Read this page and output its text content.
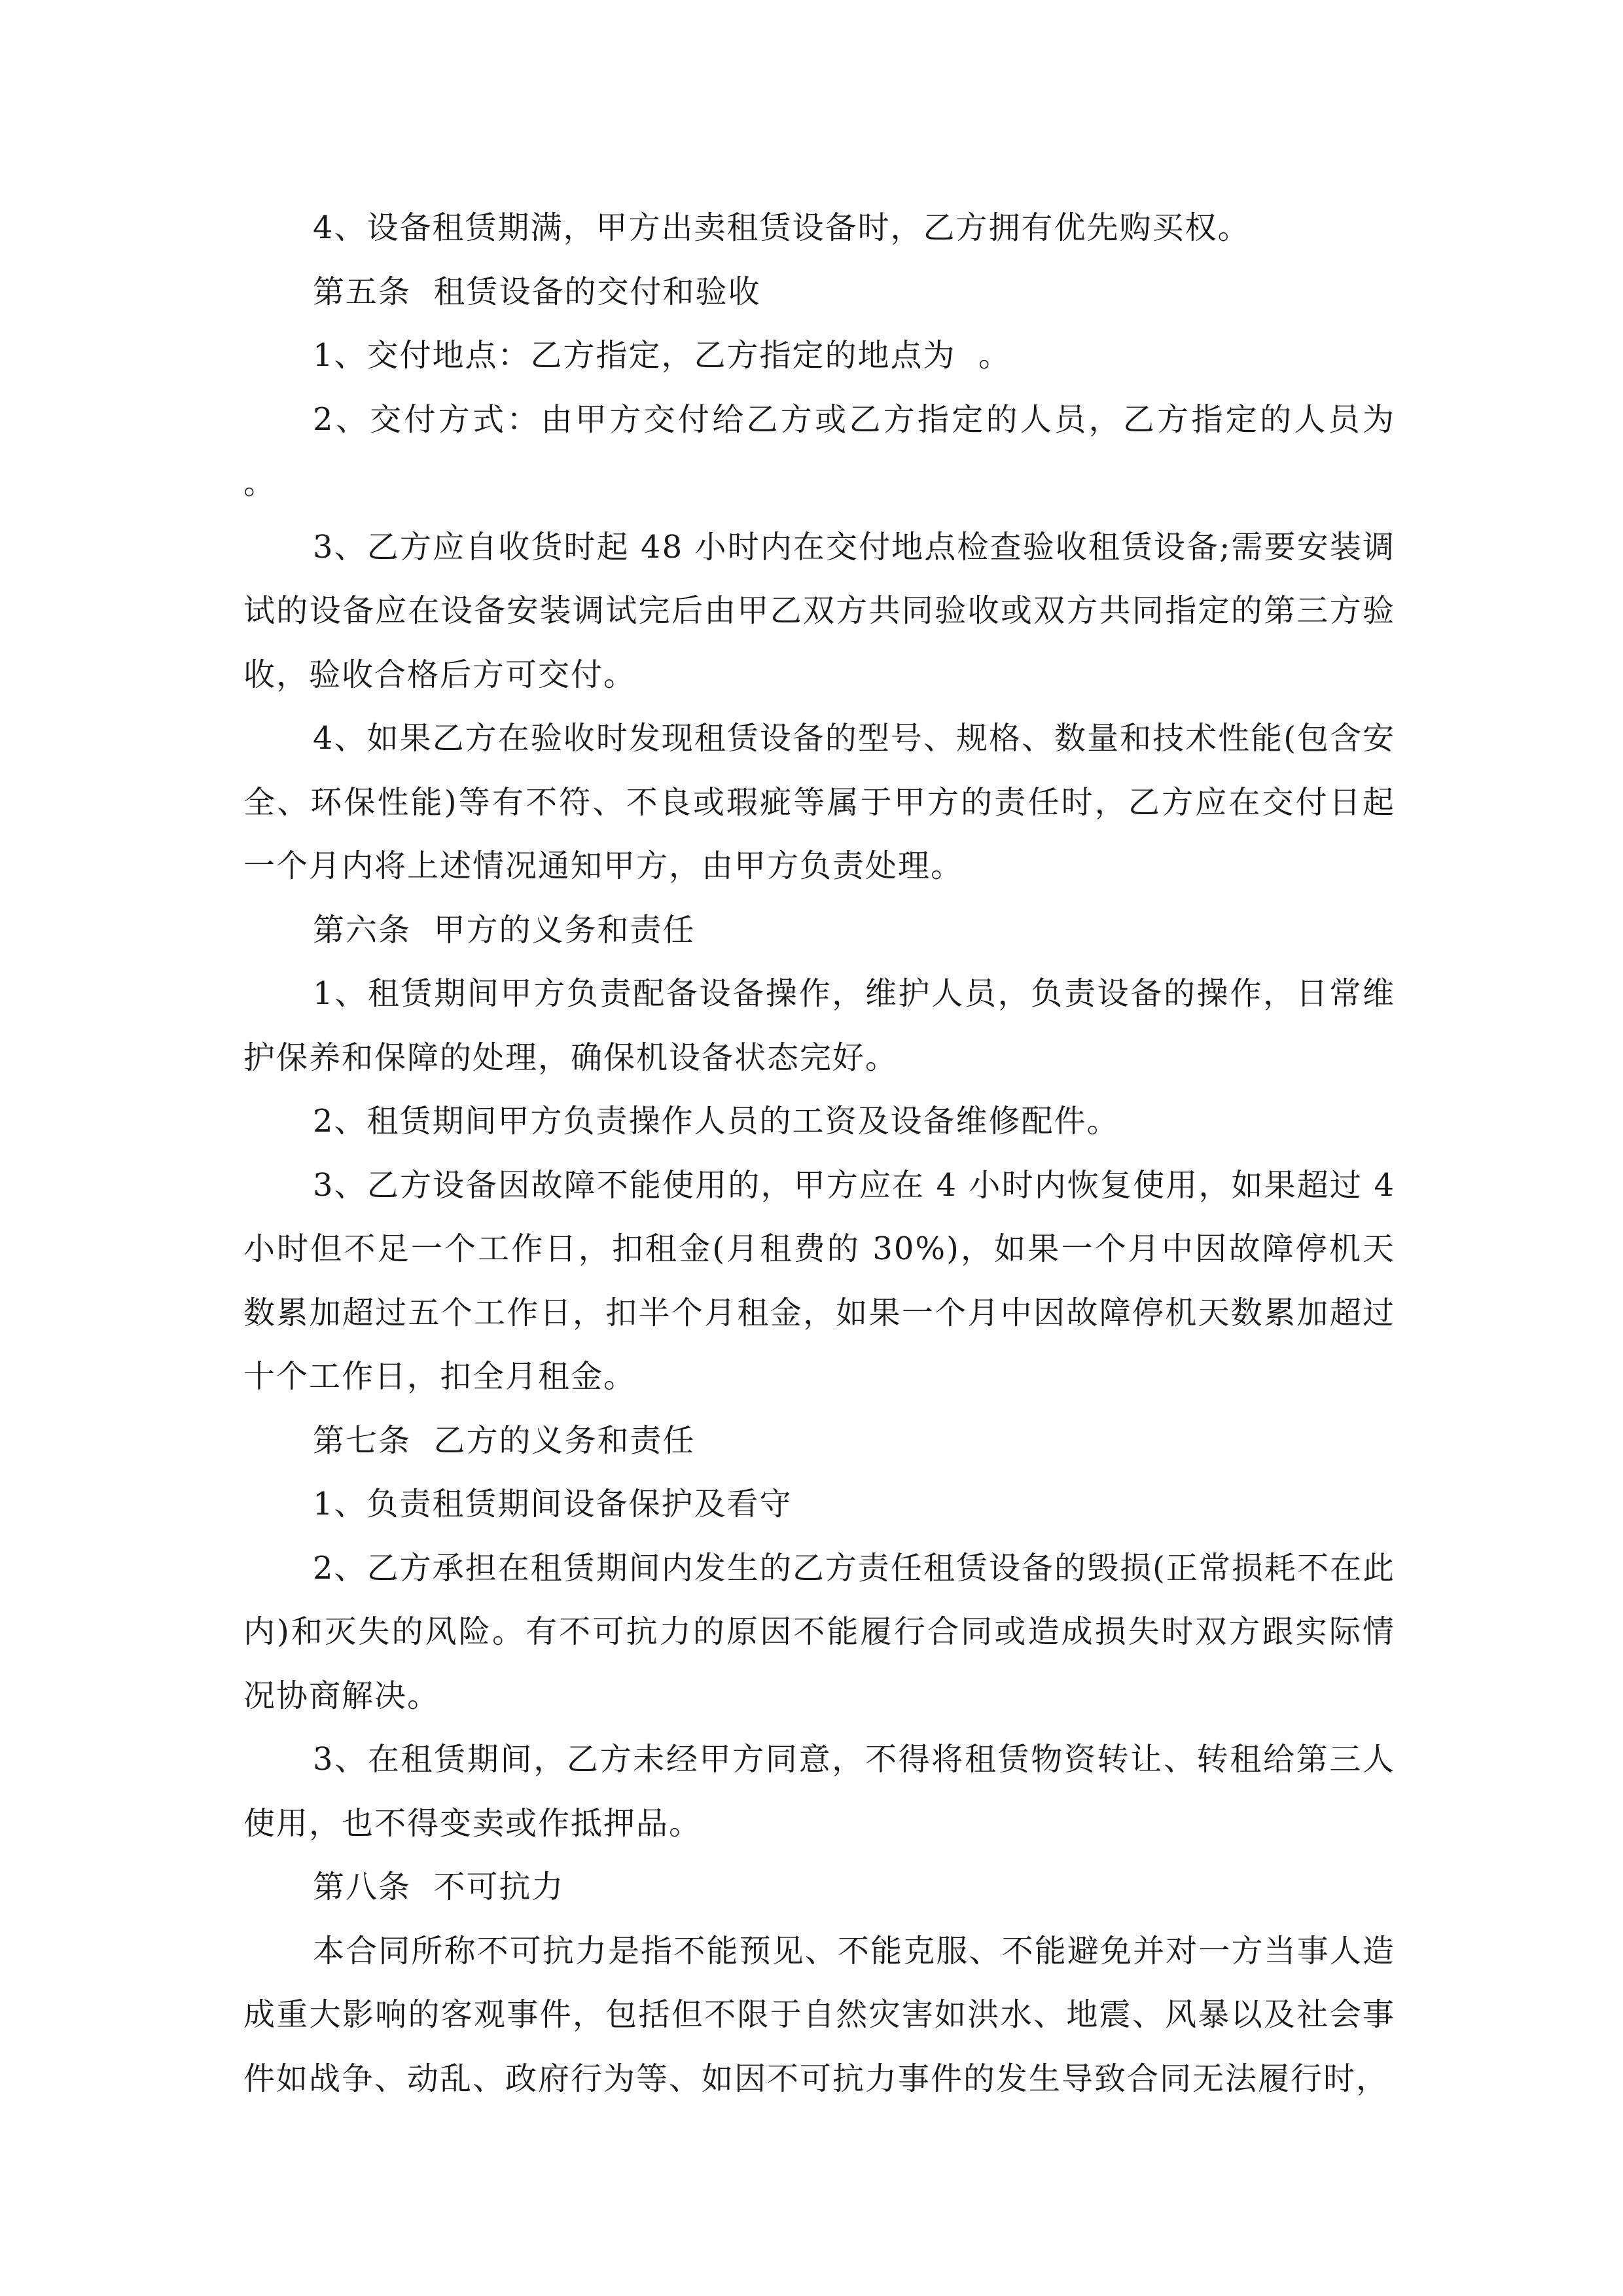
4、设备租赁期满，甲方出卖租赁设备时，乙方拥有优先购买权。

第五条  租赁设备的交付和验收

1、交付地点：乙方指定，乙方指定的地点为  。

2、交付方式：由甲方交付给乙方或乙方指定的人员，乙方指定的人员为  。

3、乙方应自收货时起 48 小时内在交付地点检查验收租赁设备;需要安装调试的设备应在设备安装调试完后由甲乙双方共同验收或双方共同指定的第三方验收，验收合格后方可交付。

4、如果乙方在验收时发现租赁设备的型号、规格、数量和技术性能(包含安全、环保性能)等有不符、不良或瑕疵等属于甲方的责任时，乙方应在交付日起一个月内将上述情况通知甲方，由甲方负责处理。

第六条  甲方的义务和责任

1、租赁期间甲方负责配备设备操作，维护人员，负责设备的操作，日常维护保养和保障的处理，确保机设备状态完好。

2、租赁期间甲方负责操作人员的工资及设备维修配件。

3、乙方设备因故障不能使用的，甲方应在 4 小时内恢复使用，如果超过 4 小时但不足一个工作日，扣租金(月租费的 30%)，如果一个月中因故障停机天数累加超过五个工作日，扣半个月租金，如果一个月中因故障停机天数累加超过十个工作日，扣全月租金。

第七条  乙方的义务和责任

1、负责租赁期间设备保护及看守

2、乙方承担在租赁期间内发生的乙方责任租赁设备的毁损(正常损耗不在此内)和灭失的风险。有不可抗力的原因不能履行合同或造成损失时双方跟实际情况协商解决。

3、在租赁期间，乙方未经甲方同意，不得将租赁物资转让、转租给第三人使用，也不得变卖或作抵押品。

第八条  不可抗力

本合同所称不可抗力是指不能预见、不能克服、不能避免并对一方当事人造成重大影响的客观事件，包括但不限于自然灾害如洪水、地震、风暴以及社会事件如战争、动乱、政府行为等、如因不可抗力事件的发生导致合同无法履行时，
